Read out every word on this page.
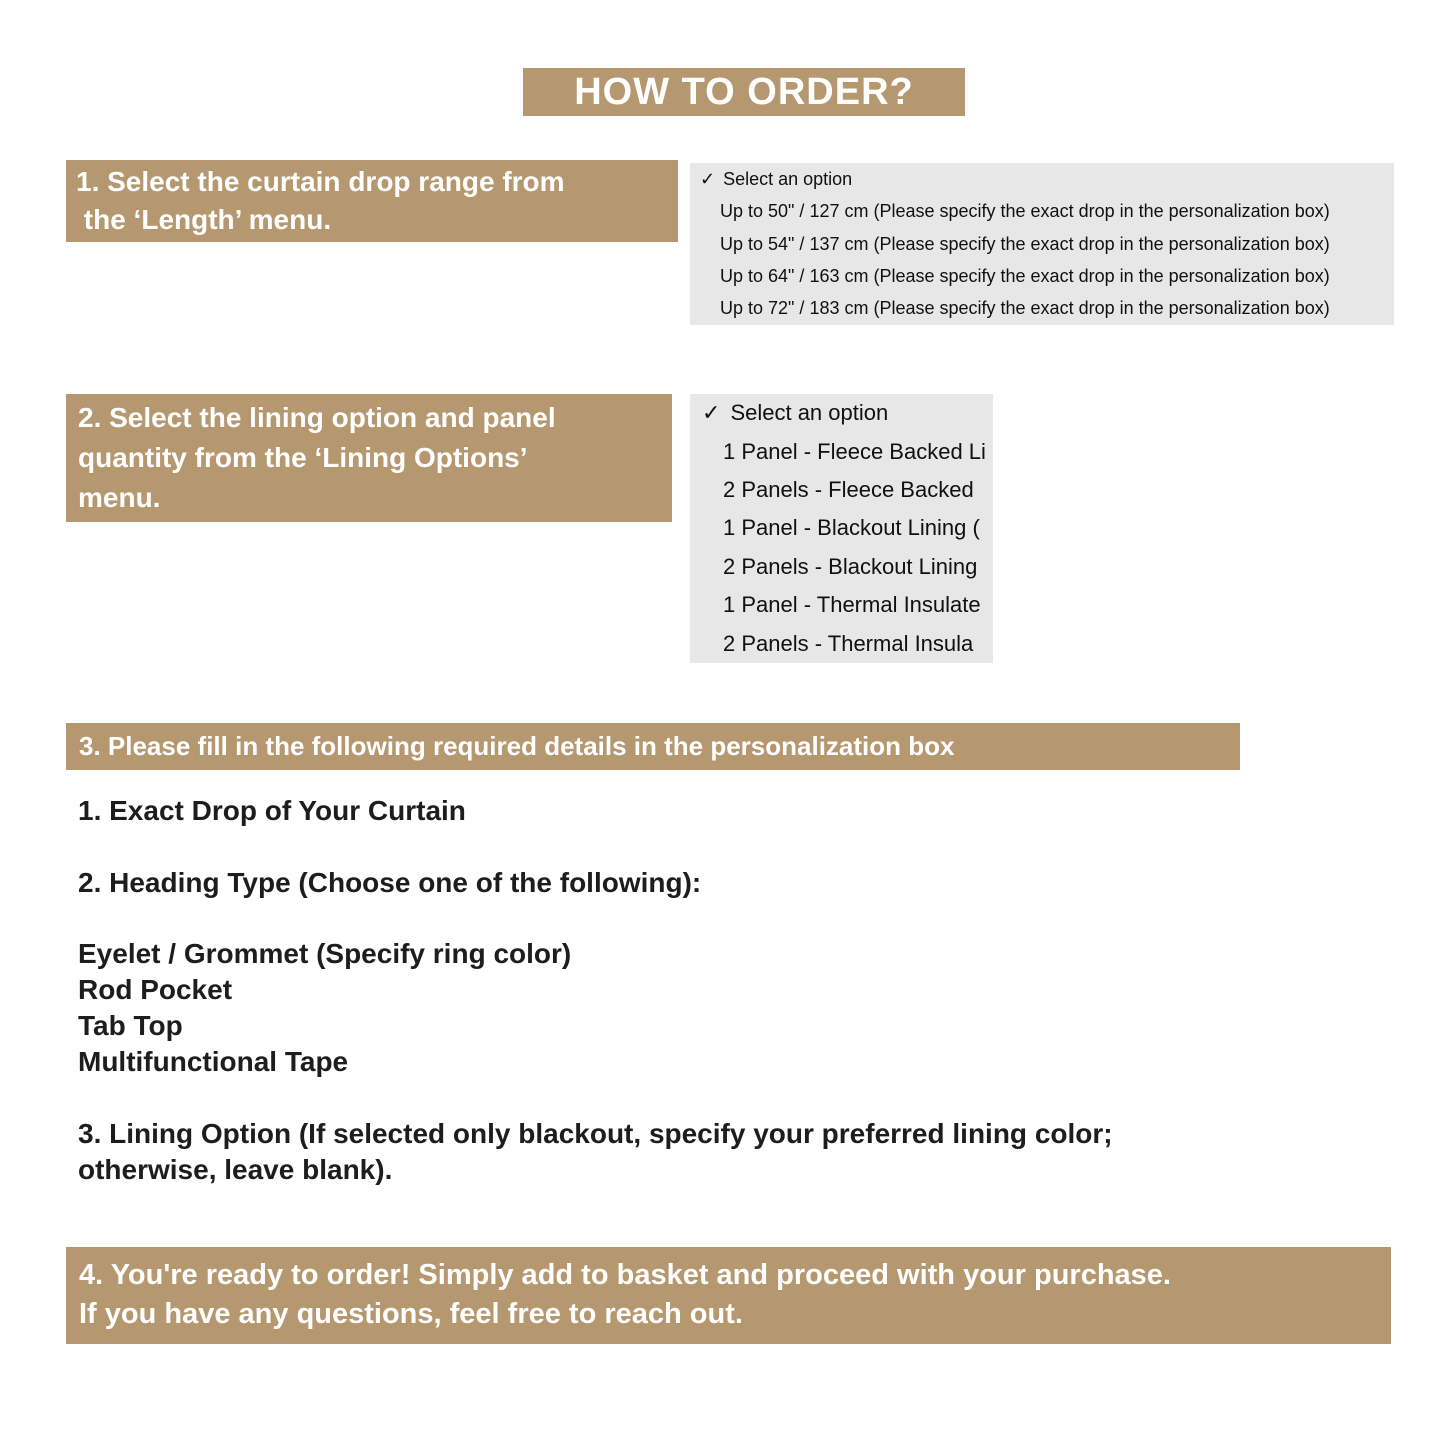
HOW TO ORDER?
1. Select the curtain drop range from
the ‘Length’ menu.
✓ Select an option
Up to 50" / 127 cm (Please specify the exact drop in the personalization box)
Up to 54" / 137 cm (Please specify the exact drop in the personalization box)
Up to 64" / 163 cm (Please specify the exact drop in the personalization box)
Up to 72" / 183 cm (Please specify the exact drop in the personalization box)
2. Select the lining option and panel
quantity from the ‘Lining Options’
menu.
✓ Select an option
1 Panel - Fleece Backed Li
2 Panels - Fleece Backed
1 Panel - Blackout Lining (
2 Panels - Blackout Lining
1 Panel - Thermal Insulate
2 Panels - Thermal Insula
3. Please fill in the following required details in the personalization box
1. Exact Drop of Your Curtain
2. Heading Type (Choose one of the following):
Eyelet / Grommet (Specify ring color)
Rod Pocket
Tab Top
Multifunctional Tape
3. Lining Option (If selected only blackout, specify your preferred lining color;
otherwise, leave blank).
4. You're ready to order! Simply add to basket and proceed with your purchase.
If you have any questions, feel free to reach out.
